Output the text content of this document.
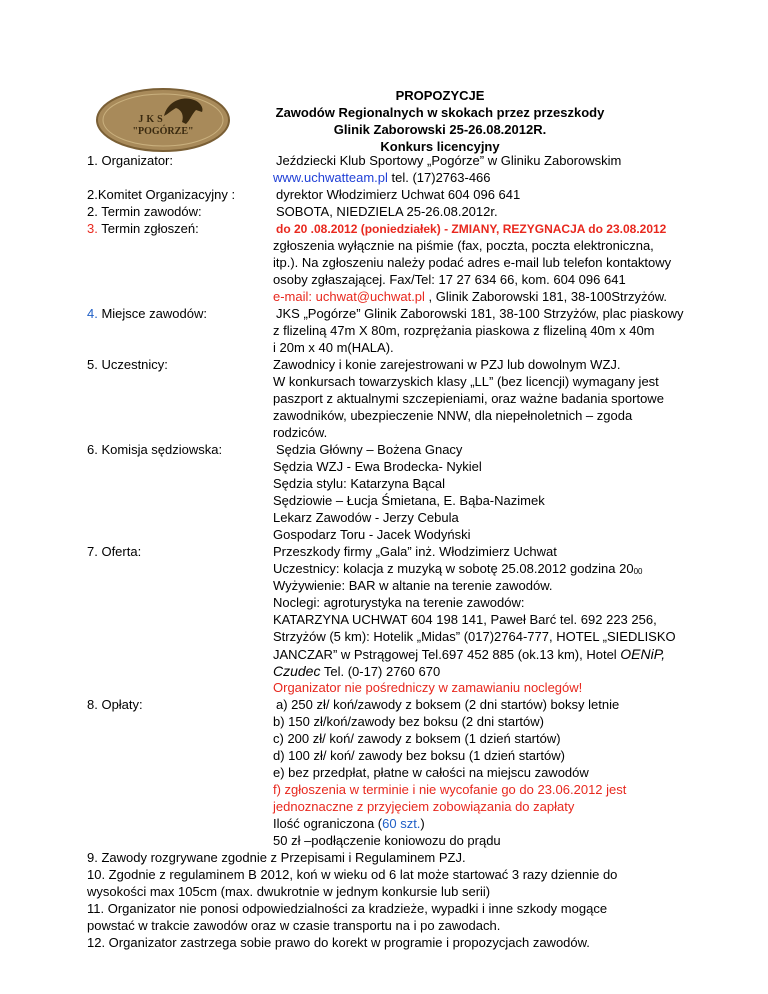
JKS
"POGÓRZE"
PROPOZYCJE
Zawodów Regionalnych w skokach przez przeszkody
Glinik Zaborowski 25-26.08.2012R.
Konkurs licencyjny
1. Organizator:	Jeździecki Klub Sportowy „Pogórze” w Gliniku Zaborowskim
www.uchwatteam.pl tel. (17)2763-466
2.Komitet Organizacyjny :	dyrektor Włodzimierz Uchwat 604 096 641
2. Termin zawodów:	SOBOTA, NIEDZIELA 25-26.08.2012r.
3. Termin zgłoszeń:	do 20 .08.2012 (poniedziałek) - ZMIANY, REZYGNACJA do 23.08.2012
zgłoszenia wyłącznie na piśmie (fax, poczta, poczta elektroniczna,
itp.). Na zgłoszeniu należy podać adres e-mail lub telefon kontaktowy
osoby zgłaszającej. Fax/Tel: 17 27 634 66, kom. 604 096 641
e-mail: uchwat@uchwat.pl , Glinik Zaborowski 181, 38-100Strzyżów.
4. Miejsce zawodów:	JKS „Pogórze” Glinik Zaborowski 181, 38-100 Strzyżów, plac piaskowy
z flizeliną 47m X 80m, rozprężania piaskowa z flizeliną 40m x 40m
i 20m x 40 m(HALA).
5. Uczestnicy:	Zawodnicy i konie zarejestrowani w PZJ lub dowolnym WZJ.
W konkursach towarzyskich klasy „LL” (bez licencji) wymagany jest
paszport z aktualnymi szczepieniami, oraz ważne badania sportowe
zawodników, ubezpieczenie NNW, dla niepełnoletnich – zgoda
rodziców.
6. Komisja sędziowska:	Sędzia Główny – Bożena Gnacy
Sędzia WZJ - Ewa Brodecka- Nykiel
Sędzia stylu: Katarzyna Bącal
Sędziowie – Łucja Śmietana, E. Bąba-Nazimek
Lekarz Zawodów - Jerzy Cebula
Gospodarz Toru - Jacek Wodyński
7. Oferta:	Przeszkody firmy „Gala” inż. Włodzimierz Uchwat
Uczestnicy: kolacja z muzyką w sobotę 25.08.2012 godzina 2000
Wyżywienie: BAR w altanie na terenie zawodów.
Noclegi: agroturystyka na terenie zawodów:
KATARZYNA UCHWAT 604 198 141, Paweł Barć tel. 692 223 256,
Strzyżów (5 km): Hotelik „Midas” (017)2764-777, HOTEL „SIEDLISKO
JANCZAR” w Pstrągowej Tel.697 452 885 (ok.13 km), Hotel OENiP,
Czudec Tel. (0-17) 2760 670
Organizator nie pośredniczy w zamawianiu noclegów!
8. Opłaty:	a) 250 zł/ koń/zawody z boksem (2 dni startów) boksy letnie
b) 150 zł/koń/zawody bez boksu (2 dni startów)
c) 200 zł/ koń/ zawody z boksem (1 dzień startów)
d) 100 zł/ koń/ zawody bez boksu (1 dzień startów)
e) bez przedpłat, płatne w całości na miejscu zawodów
f) zgłoszenia w terminie i nie wycofanie go do 23.06.2012 jest
jednoznaczne z przyjęciem zobowiązania do zapłaty
Ilość ograniczona (60 szt.)
50 zł –podłączenie koniowozu do prądu
9. Zawody rozgrywane zgodnie z Przepisami i Regulaminem PZJ.
10. Zgodnie z regulaminem B 2012, koń w wieku od 6 lat może startować 3 razy dziennie do
wysokości max 105cm (max. dwukrotnie w jednym konkursie lub serii)
11. Organizator nie ponosi odpowiedzialności za kradzieże, wypadki i inne szkody mogące
powstać w trakcie zawodów oraz w czasie transportu na i po zawodach.
12. Organizator zastrzega sobie prawo do korekt w programie i propozycjach zawodów.
